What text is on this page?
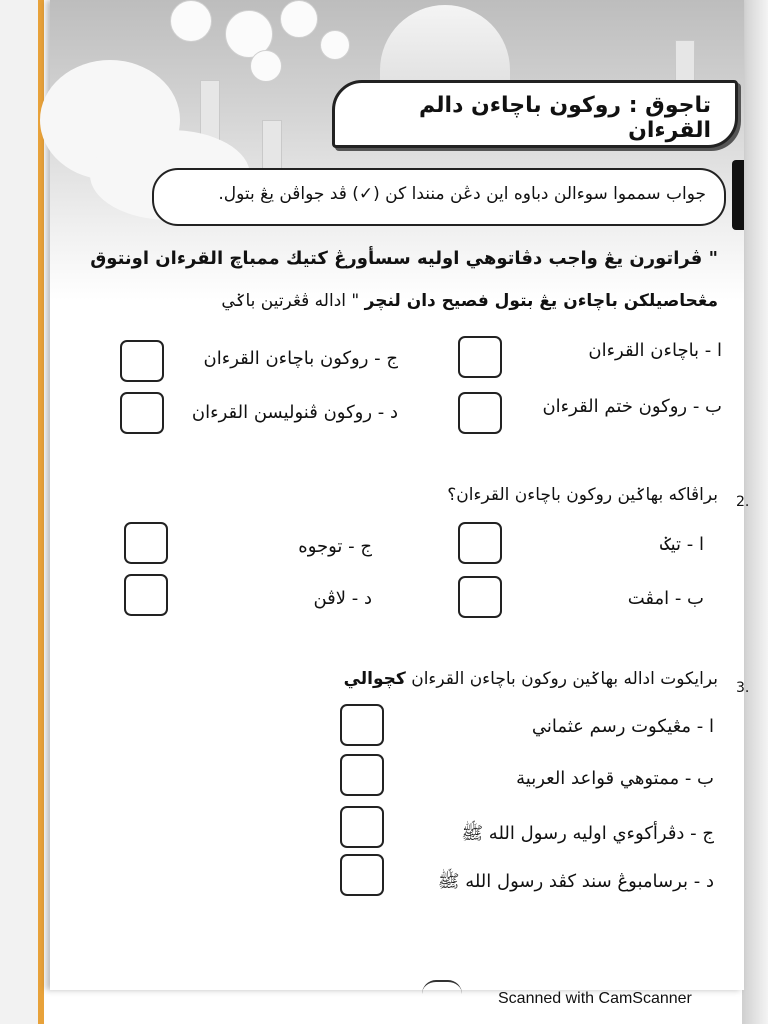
تاجوق : روكون باچاءن دالم القرءان
جواب سمموا سوءالن دباوه اين دڠن منندا كن (✓) ڤد جواڤن يڠ بتول.
" ڤراتورن يڠ واجب دڤاتوهي اوليه سسأورڠ كتيك ممباچ القرءان اونتوق
مڠحاصيلكن باچاءن يڠ بتول فصيح دان لنچر " اداله ڤڠرتين باݢي
ا - باچاءن القرءان
ب - روكون ختم القرءان
ج - روكون باچاءن القرءان
د - روكون ڤنوليسن القرءان
2.
براڤاكه بهاݢين روكون باچاءن القرءان؟
ا - تيݢ
ب - امڤت
ج - توجوه
د - لاڤن
3.
برايكوت اداله بهاݢين روكون باچاءن القرءان كچوالي
ا - مڠيكوت رسم عثماني
ب - ممتوهي قواعد العربية
ج - دڤرأكوءي اوليه رسول الله ﷺ
د - برسامبوڠ سند كڤد رسول الله ﷺ
Scanned with CamScanner
